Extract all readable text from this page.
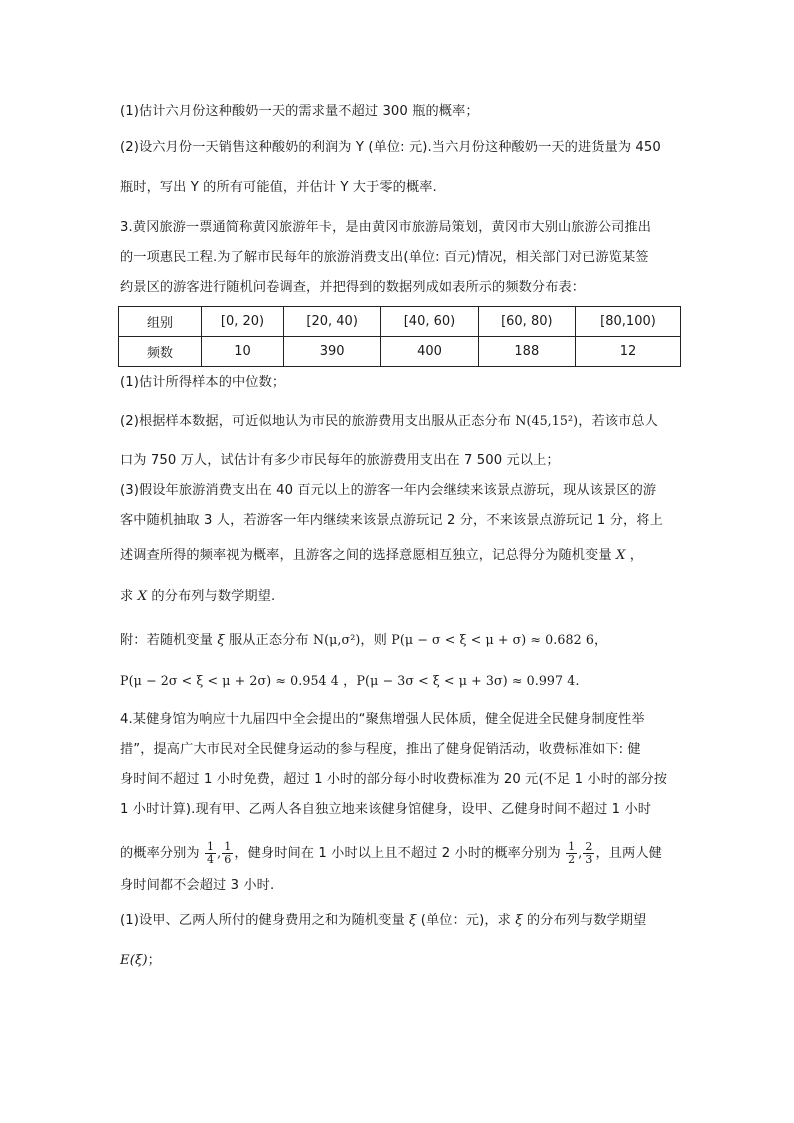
(1)估计六月份这种酸奶一天的需求量不超过 300 瓶的概率；
(2)设六月份一天销售这种酸奶的利润为 Y (单位: 元).当六月份这种酸奶一天的进货量为 450
瓶时，写出 Y 的所有可能值，并估计 Y 大于零的概率.
3.黄冈旅游一票通简称黄冈旅游年卡，是由黄冈市旅游局策划，黄冈市大别山旅游公司推出
的一项惠民工程.为了解市民每年的旅游消费支出(单位: 百元)情况，相关部门对已游览某签
约景区的游客进行随机问卷调查，并把得到的数据列成如表所示的频数分布表：
组别	[0, 20)	[20, 40)	[40, 60)	[60, 80)	[80,100)
频数	10	390	400	188	12
(1)估计所得样本的中位数；
(2)根据样本数据，可近似地认为市民的旅游费用支出服从正态分布 N(45,15²)，若该市总人
口为 750 万人，试估计有多少市民每年的旅游费用支出在 7 500 元以上；
(3)假设年旅游消费支出在 40 百元以上的游客一年内会继续来该景点游玩，现从该景区的游
客中随机抽取 3 人，若游客一年内继续来该景点游玩记 2 分，不来该景点游玩记 1 分，将上
述调查所得的频率视为概率，且游客之间的选择意愿相互独立，记总得分为随机变量 X ，
求 X 的分布列与数学期望.
附：若随机变量 ξ 服从正态分布 N(μ,σ²)，则 P(μ − σ < ξ < μ + σ) ≈ 0.682 6，
P(μ − 2σ < ξ < μ + 2σ) ≈ 0.954 4 ，P(μ − 3σ < ξ < μ + 3σ) ≈ 0.997 4.
4.某健身馆为响应十九届四中全会提出的“聚焦增强人民体质，健全促进全民健身制度性举
措”，提高广大市民对全民健身运动的参与程度，推出了健身促销活动，收费标准如下: 健
身时间不超过 1 小时免费，超过 1 小时的部分每小时收费标准为 20 元(不足 1 小时的部分按
1 小时计算).现有甲、乙两人各自独立地来该健身馆健身，设甲、乙健身时间不超过 1 小时
的概率分别为 $\frac{1}{4}$ , $\frac{1}{6}$ ，健身时间在 1 小时以上且不超过 2 小时的概率分别为 $\frac{1}{2}$ , $\frac{2}{3}$ ，且两人健
身时间都不会超过 3 小时.
(1)设甲、乙两人所付的健身费用之和为随机变量 ξ (单位：元)，求 ξ 的分布列与数学期望
E(ξ)；
